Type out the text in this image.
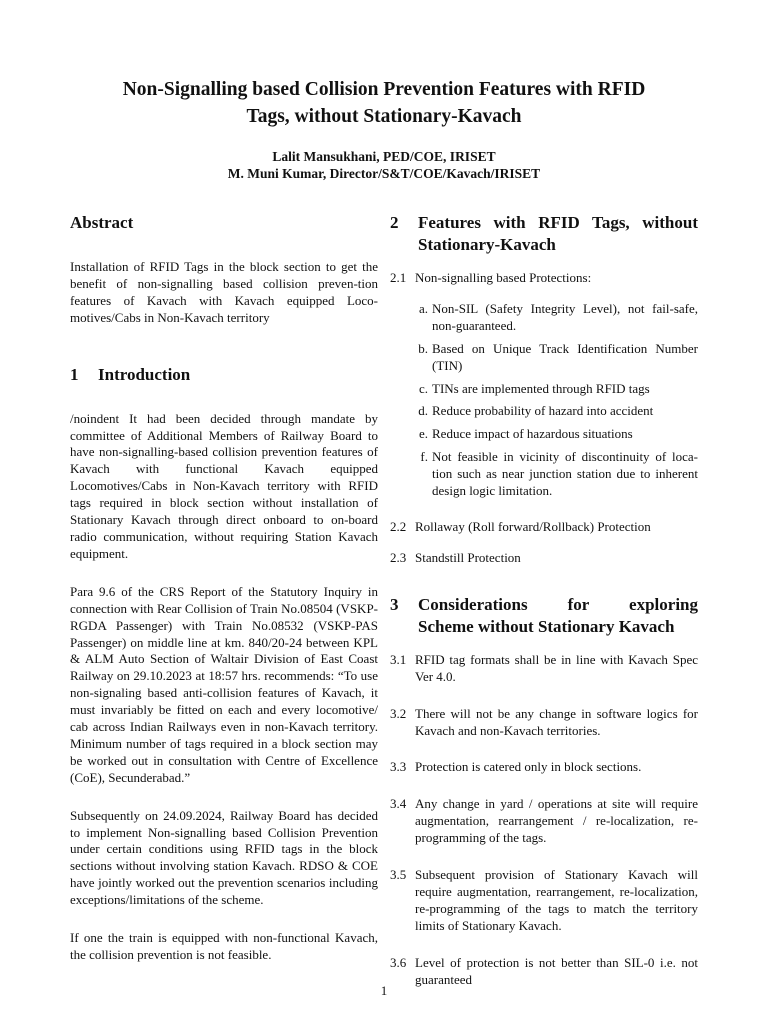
Non-Signalling based Collision Prevention Features with RFID
Tags, without Stationary-Kavach
Lalit Mansukhani, PED/COE, IRISET
M. Muni Kumar, Director/S&T/COE/Kavach/IRISET
Abstract

Installation of RFID Tags in the block section to get the benefit of non-signalling based collision preven-tion features of Kavach with Kavach equipped Loco-motives/Cabs in Non-Kavach territory

1 Introduction

/noindent It had been decided through mandate by committee of Additional Members of Railway Board to have non-signalling-based collision prevention features of Kavach with functional Kavach equipped Locomotives/Cabs in Non-Kavach territory with RFID tags required in block section without installation of Stationary Kavach through direct onboard to on-board radio communication, without requiring Station Kavach equipment.

Para 9.6 of the CRS Report of the Statutory Inquiry in connection with Rear Collision of Train No.08504 (VSKP-RGDA Passenger) with Train No.08532 (VSKP-PAS Passenger) on middle line at km. 840/20-24 between KPL & ALM Auto Section of Waltair Division of East Coast Railway on 29.10.2023 at 18:57 hrs. recommends: “To use non-signaling based anti-collision features of Kavach, it must invariably be fitted on each and every locomotive/ cab across Indian Railways even in non-Kavach territory. Minimum number of tags required in a block section may be worked out in consultation with Centre of Excellence (CoE), Secunderabad.”

Subsequently on 24.09.2024, Railway Board has decided to implement Non-signalling based Collision Prevention under certain conditions using RFID tags in the block sections without involving station Kavach. RDSO & COE have jointly worked out the prevention scenarios including exceptions/limitations of the scheme.

If one the train is equipped with non-functional Kavach, the collision prevention is not feasible.

2	Features with RFID Tags, without
Stationary-Kavach
2.1 Non-signalling based Protections:
a. Non-SIL (Safety Integrity Level), not fail-safe, non-guaranteed.
b. Based on Unique Track Identification Number (TIN)
c. TINs are implemented through RFID tags
d. Reduce probability of hazard into accident
e. Reduce impact of hazardous situations
f. Not feasible in vicinity of discontinuity of loca-tion such as near junction station due to inherent design logic limitation.
2.2 Rollaway (Roll forward/Rollback) Protection
2.3 Standstill Protection
3	Considerations for exploring
Scheme without Stationary Kavach
3.1 RFID tag formats shall be in line with Kavach Spec Ver 4.0.
3.2 There will not be any change in software logics for Kavach and non-Kavach territories.
3.3 Protection is catered only in block sections.
3.4 Any change in yard / operations at site will require augmentation, rearrangement / re-localization, re-programming of the tags.
3.5 Subsequent provision of Stationary Kavach will require augmentation, rearrangement, re-localization, re-programming of the tags to match the territory limits of Stationary Kavach.
3.6 Level of protection is not better than SIL-0 i.e. not guaranteed
1
